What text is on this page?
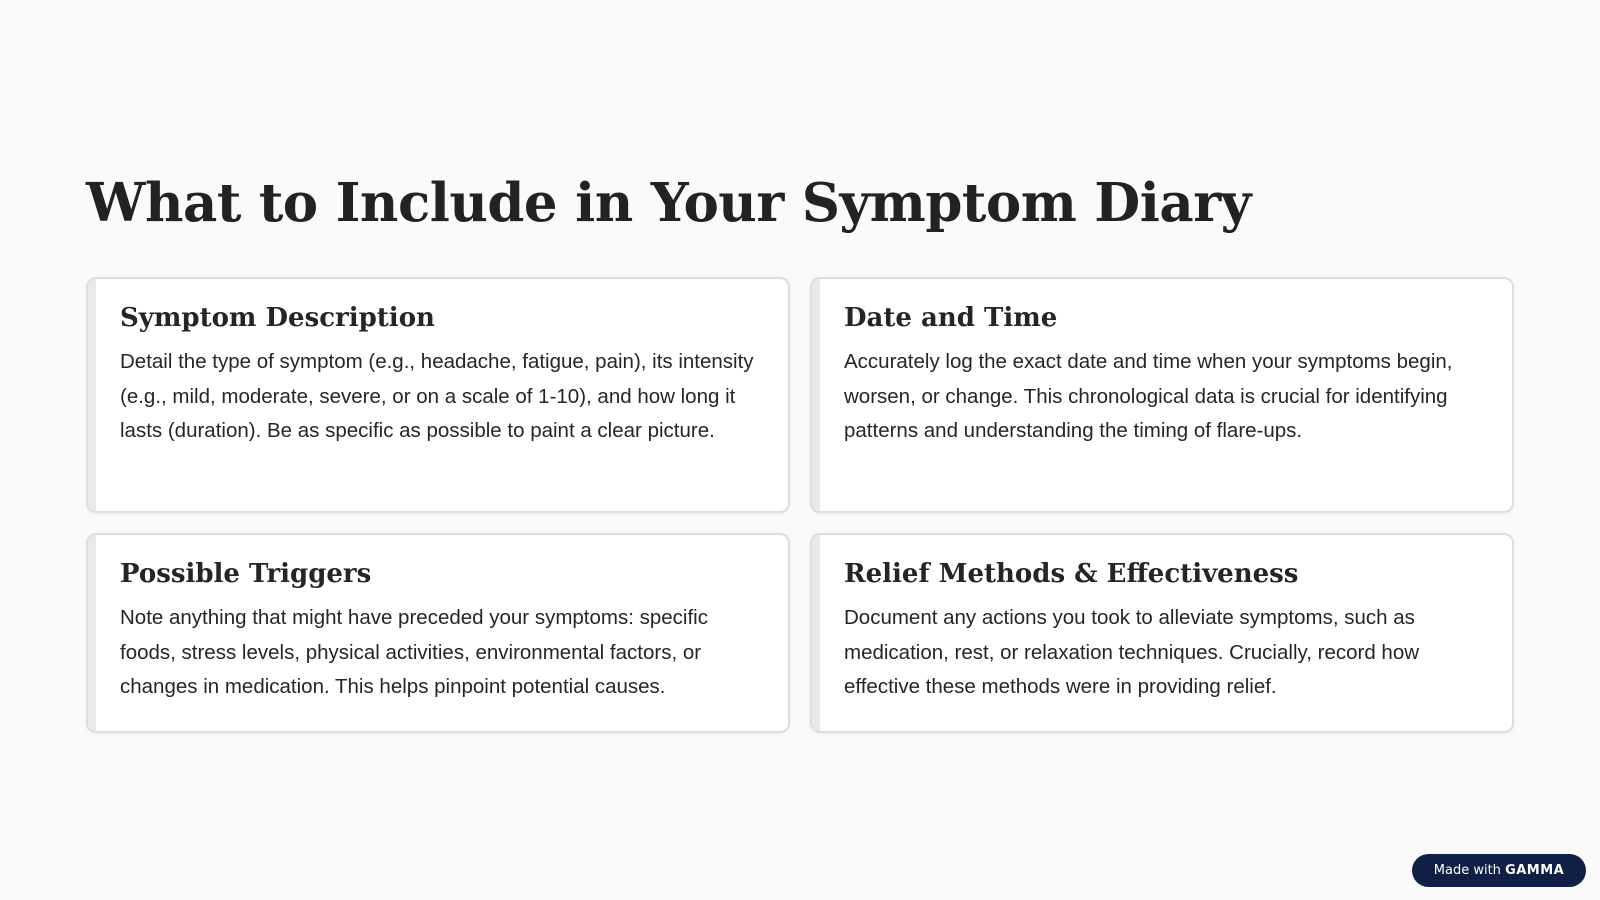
What to Include in Your Symptom Diary
Symptom Description

Detail the type of symptom (e.g., headache, fatigue, pain), its intensity (e.g., mild, moderate, severe, or on a scale of 1-10), and how long it lasts (duration). Be as specific as possible to paint a clear picture.

Date and Time

Accurately log the exact date and time when your symptoms begin, worsen, or change. This chronological data is crucial for identifying patterns and understanding the timing of flare-ups.

Possible Triggers

Note anything that might have preceded your symptoms: specific foods, stress levels, physical activities, environmental factors, or changes in medication. This helps pinpoint potential causes.

Relief Methods & Effectiveness

Document any actions you took to alleviate symptoms, such as medication, rest, or relaxation techniques. Crucially, record how effective these methods were in providing relief.

Made with GAMMA
